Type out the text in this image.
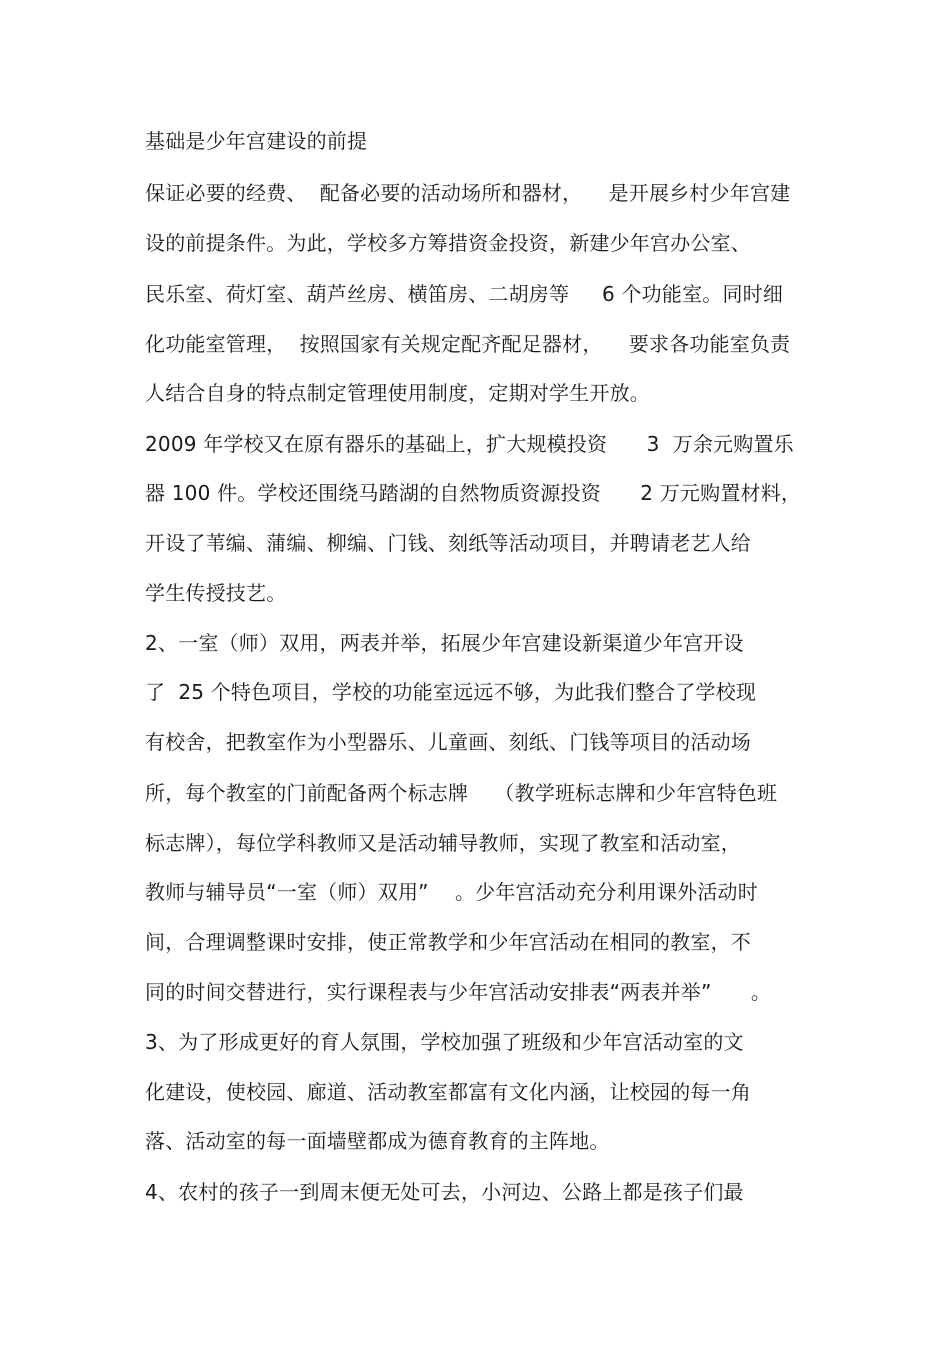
基础是少年宫建设的前提
保证必要的经费、  配备必要的活动场所和器材，    是开展乡村少年宫建
设的前提条件。为此，学校多方筹措资金投资，新建少年宫办公室、
民乐室、荷灯室、葫芦丝房、横笛房、二胡房等     6 个功能室。同时细
化功能室管理，  按照国家有关规定配齐配足器材，    要求各功能室负责
人结合自身的特点制定管理使用制度，定期对学生开放。
2009 年学校又在原有器乐的基础上，扩大规模投资      3  万余元购置乐
器 100 件。学校还围绕马踏湖的自然物质资源投资      2 万元购置材料，
开设了苇编、蒲编、柳编、门钱、刻纸等活动项目，并聘请老艺人给
学生传授技艺。
2、一室（师）双用，两表并举，拓展少年宫建设新渠道少年宫开设
了  25 个特色项目，学校的功能室远远不够，为此我们整合了学校现
有校舍，把教室作为小型器乐、儿童画、刻纸、门钱等项目的活动场
所，每个教室的门前配备两个标志牌    （教学班标志牌和少年宫特色班
标志牌），每位学科教师又是活动辅导教师，实现了教室和活动室，
教师与辅导员“一室（师）双用”    。少年宫活动充分利用课外活动时
间，合理调整课时安排，使正常教学和少年宫活动在相同的教室，不
同的时间交替进行，实行课程表与少年宫活动安排表“两表并举”      。
3、为了形成更好的育人氛围，学校加强了班级和少年宫活动室的文
化建设，使校园、廊道、活动教室都富有文化内涵，让校园的每一角
落、活动室的每一面墙壁都成为德育教育的主阵地。
4、农村的孩子一到周末便无处可去，小河边、公路上都是孩子们最
